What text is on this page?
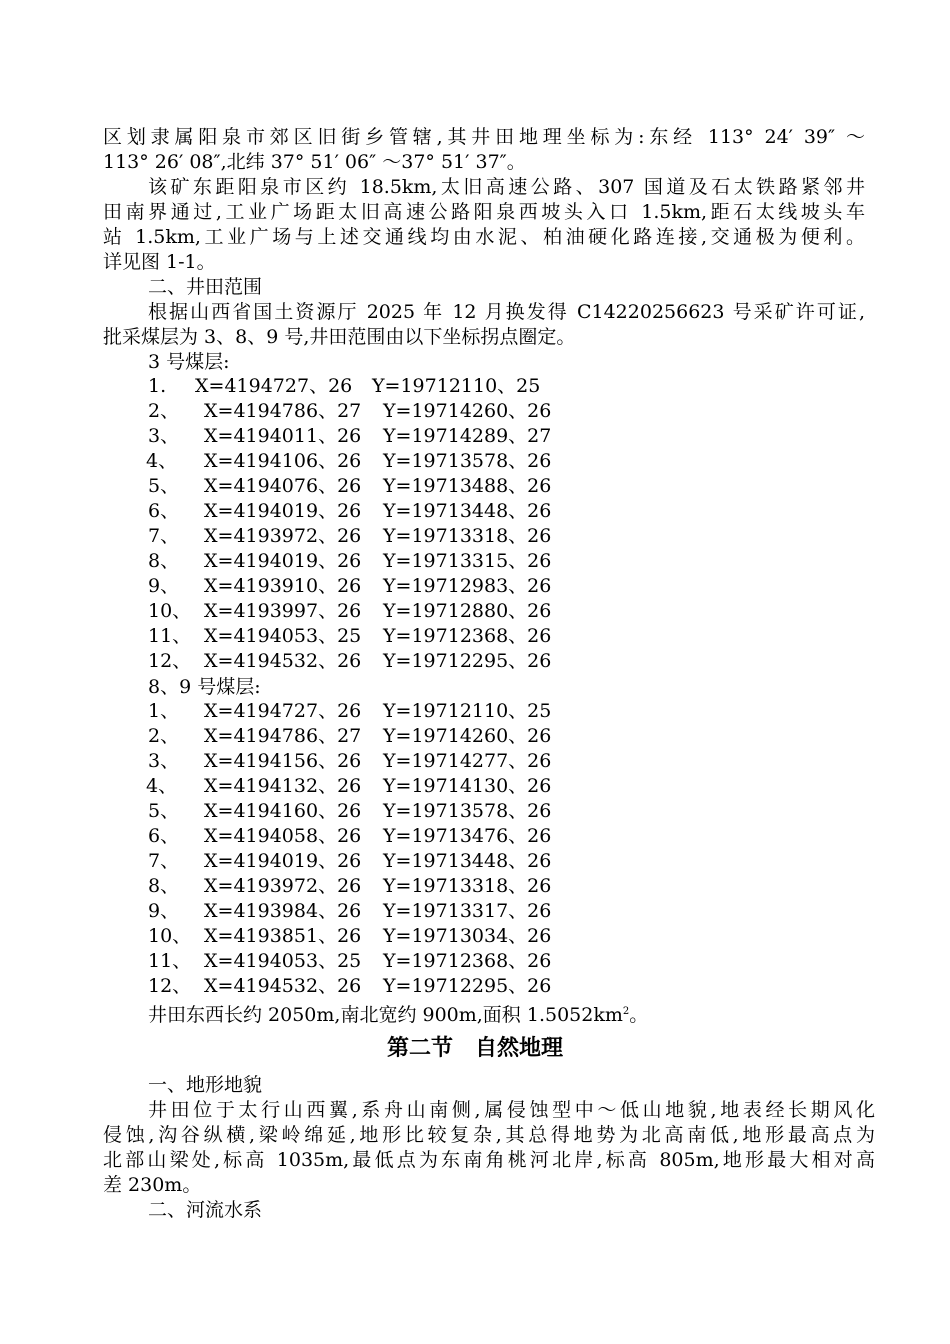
区划隶属阳泉市郊区旧街乡管辖,其井田地理坐标为:东经 113° 24′ 39″ ～
113° 26′ 08″,北纬 37° 51′ 06″ ～37° 51′ 37″。
该矿东距阳泉市区约 18.5km,太旧高速公路、307 国道及石太铁路紧邻井
田南界通过,工业广场距太旧高速公路阳泉西坡头入口 1.5km,距石太线坡头车
站 1.5km,工业广场与上述交通线均由水泥、柏油硬化路连接,交通极为便利。
详见图 1-1。
二、井田范围
根据山西省国土资源厅 2025 年 12 月换发得 C14220256623 号采矿许可证,
批采煤层为 3、8、9 号,井田范围由以下坐标拐点圈定。
3 号煤层:
1. X=4194727、26 Y=19712110、25
2、 X=4194786、27 Y=19714260、26
3、 X=4194011、26 Y=19714289、27
4、 X=4194106、26 Y=19713578、26
5、 X=4194076、26 Y=19713488、26
6、 X=4194019、26 Y=19713448、26
7、 X=4193972、26 Y=19713318、26
8、 X=4194019、26 Y=19713315、26
9、 X=4193910、26 Y=19712983、26
10、 X=4193997、26 Y=19712880、26
11、 X=4194053、25 Y=19712368、26
12、 X=4194532、26 Y=19712295、26
8、9 号煤层:
1、 X=4194727、26 Y=19712110、25
2、 X=4194786、27 Y=19714260、26
3、 X=4194156、26 Y=19714277、26
4、 X=4194132、26 Y=19714130、26
5、 X=4194160、26 Y=19713578、26
6、 X=4194058、26 Y=19713476、26
7、 X=4194019、26 Y=19713448、26
8、 X=4193972、26 Y=19713318、26
9、 X=4193984、26 Y=19713317、26
10、 X=4193851、26 Y=19713034、26
11、 X=4194053、25 Y=19712368、26
12、 X=4194532、26 Y=19712295、26
井田东西长约 2050m,南北宽约 900m,面积 $1.5052km^2$。
第二节　自然地理
一、地形地貌
井田位于太行山西翼,系舟山南侧,属侵蚀型中～低山地貌,地表经长期风化
侵蚀,沟谷纵横,梁岭绵延,地形比较复杂,其总得地势为北高南低,地形最高点为
北部山梁处,标高 1035m,最低点为东南角桃河北岸,标高 805m,地形最大相对高
差 230m。
二、河流水系
